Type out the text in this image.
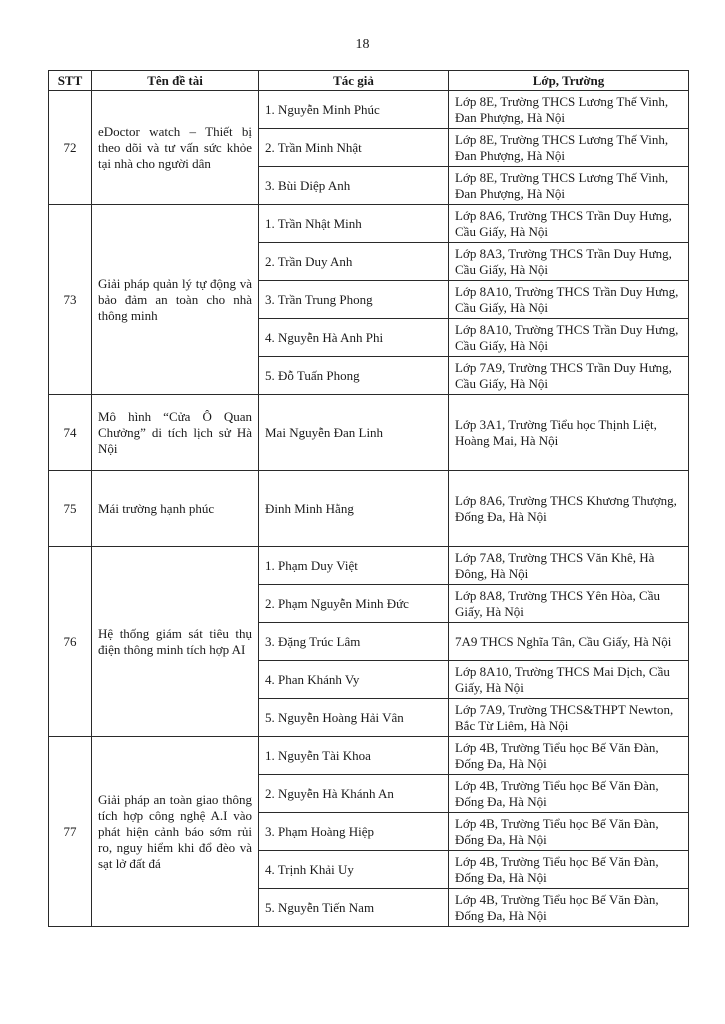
18
STT	Tên đề tài	Tác giả	Lớp, Trường
72	eDoctor watch – Thiết bị theo dõi và tư vấn sức khỏe tại nhà cho người dân	1. Nguyễn Minh Phúc	Lớp 8E, Trường THCS Lương Thế Vinh, Đan Phượng, Hà Nội
		2. Trần Minh Nhật	Lớp 8E, Trường THCS Lương Thế Vinh, Đan Phượng, Hà Nội
		3. Bùi Diệp Anh	Lớp 8E, Trường THCS Lương Thế Vinh, Đan Phượng, Hà Nội
73	Giải pháp quản lý tự động và bảo đảm an toàn cho nhà thông minh	1. Trần Nhật Minh	Lớp 8A6, Trường THCS Trần Duy Hưng, Cầu Giấy, Hà Nội
		2. Trần Duy Anh	Lớp 8A3, Trường THCS Trần Duy Hưng, Cầu Giấy, Hà Nội
		3. Trần Trung Phong	Lớp 8A10, Trường THCS Trần Duy Hưng, Cầu Giấy, Hà Nội
		4. Nguyễn Hà Anh Phi	Lớp 8A10, Trường THCS Trần Duy Hưng, Cầu Giấy, Hà Nội
		5. Đỗ Tuấn Phong	Lớp 7A9, Trường THCS Trần Duy Hưng, Cầu Giấy, Hà Nội
74	Mô hình “Cửa Ô Quan Chưởng” di tích lịch sử Hà Nội	Mai Nguyễn Đan Linh	Lớp 3A1, Trường Tiểu học Thịnh Liệt, Hoàng Mai, Hà Nội
75	Mái trường hạnh phúc	Đinh Minh Hằng	Lớp 8A6, Trường THCS Khương Thượng, Đống Đa, Hà Nội
76	Hệ thống giám sát tiêu thụ điện thông minh tích hợp AI	1. Phạm Duy Việt	Lớp 7A8, Trường THCS Văn Khê, Hà Đông, Hà Nội
		2. Phạm Nguyễn Minh Đức	Lớp 8A8, Trường THCS Yên Hòa, Cầu Giấy, Hà Nội
		3. Đặng Trúc Lâm	7A9 THCS Nghĩa Tân, Cầu Giấy, Hà Nội
		4. Phan Khánh Vy	Lớp 8A10, Trường THCS Mai Dịch, Cầu Giấy, Hà Nội
		5. Nguyễn Hoàng Hải Vân	Lớp 7A9, Trường THCS&THPT Newton, Bắc Từ Liêm, Hà Nội
77	Giải pháp an toàn giao thông tích hợp công nghệ A.I vào phát hiện cảnh báo sớm rủi ro, nguy hiểm khi đổ đèo và sạt lở đất đá	1. Nguyễn Tài Khoa	Lớp 4B, Trường Tiểu học Bế Văn Đàn, Đống Đa, Hà Nội
		2. Nguyễn Hà Khánh An	Lớp 4B, Trường Tiểu học Bế Văn Đàn, Đống Đa, Hà Nội
		3. Phạm Hoàng Hiệp	Lớp 4B, Trường Tiểu học Bế Văn Đàn, Đống Đa, Hà Nội
		4. Trịnh Khải Uy	Lớp 4B, Trường Tiểu học Bế Văn Đàn, Đống Đa, Hà Nội
		5. Nguyễn Tiến Nam	Lớp 4B, Trường Tiểu học Bế Văn Đàn, Đống Đa, Hà Nội
